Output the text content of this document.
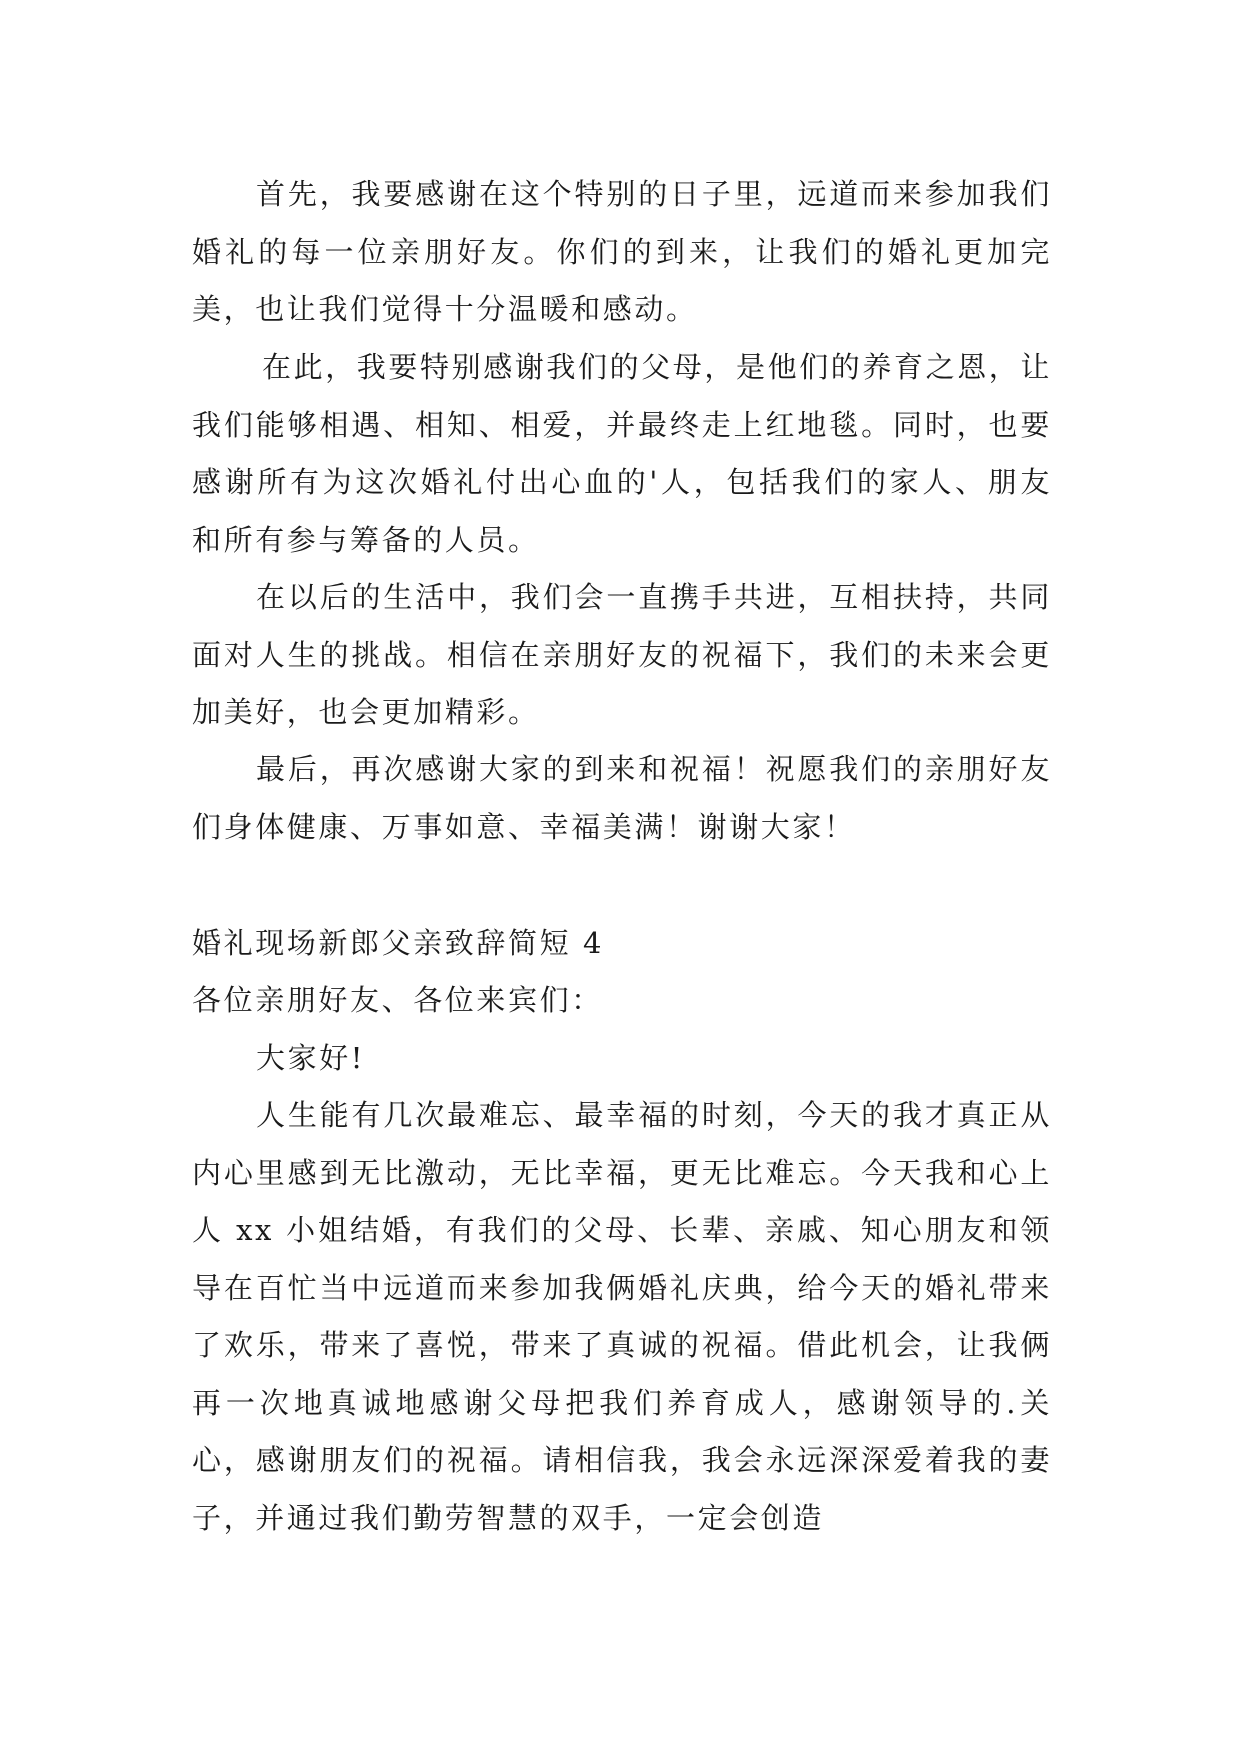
首先，我要感谢在这个特别的日子里，远道而来参加我们婚礼的每一位亲朋好友。你们的到来，让我们的婚礼更加完美，也让我们觉得十分温暖和感动。

在此，我要特别感谢我们的父母，是他们的养育之恩，让我们能够相遇、相知、相爱，并最终走上红地毯。同时，也要感谢所有为这次婚礼付出心血的'人，包括我们的家人、朋友和所有参与筹备的人员。

在以后的生活中，我们会一直携手共进，互相扶持，共同面对人生的挑战。相信在亲朋好友的祝福下，我们的未来会更加美好，也会更加精彩。

最后，再次感谢大家的到来和祝福！祝愿我们的亲朋好友们身体健康、万事如意、幸福美满！谢谢大家！

婚礼现场新郎父亲致辞简短 4
各位亲朋好友、各位来宾们：
大家好!

人生能有几次最难忘、最幸福的时刻，今天的我才真正从内心里感到无比激动，无比幸福，更无比难忘。今天我和心上人 xx 小姐结婚，有我们的父母、长辈、亲戚、知心朋友和领导在百忙当中远道而来参加我俩婚礼庆典，给今天的婚礼带来了欢乐，带来了喜悦，带来了真诚的祝福。借此机会，让我俩再一次地真诚地感谢父母把我们养育成人，感谢领导的.关心，感谢朋友们的祝福。请相信我，我会永远深深爱着我的妻子，并通过我们勤劳智慧的双手，一定会创造
